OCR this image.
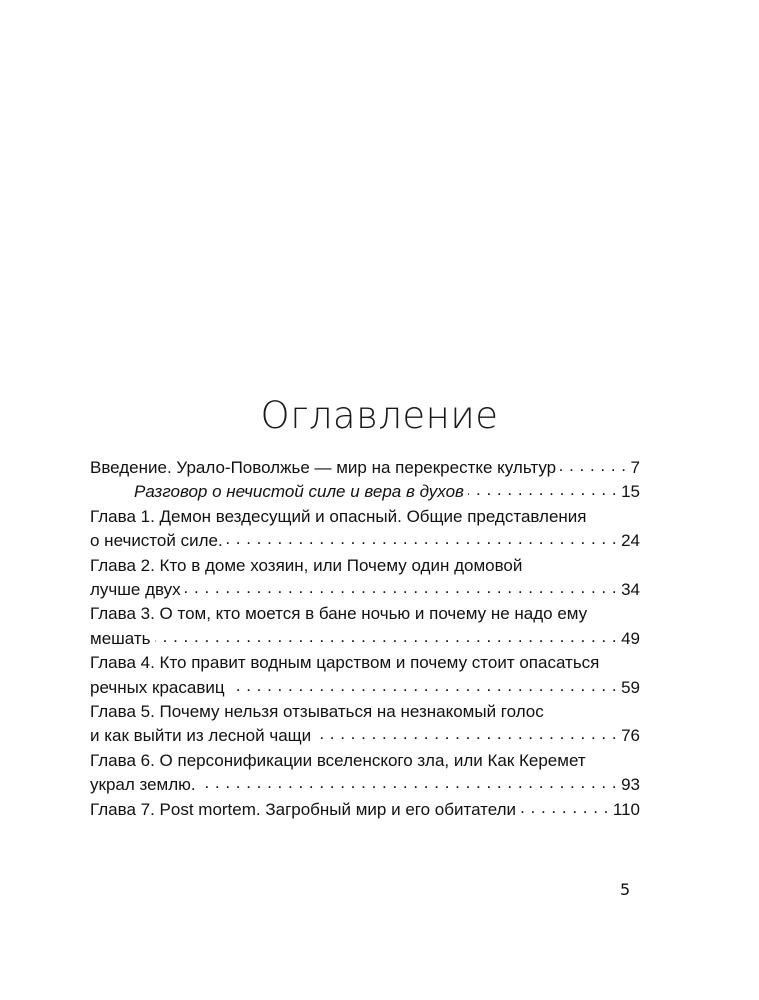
Оглавление
Введение. Урало-Поволжье — мир на перекрестке культур . . .	7
Разговор о нечистой силе и вера в духов . . .	15
Глава 1. Демон вездесущий и опасный. Общие представления
о нечистой силе. . . .	24
Глава 2. Кто в доме хозяин, или Почему один домовой
лучше двух . . .	34
Глава 3. О том, кто моется в бане ночью и почему не надо ему
мешать . . .	49
Глава 4. Кто правит водным царством и почему стоит опасаться
речных красавиц . . .	59
Глава 5. Почему нельзя отзываться на незнакомый голос
и как выйти из лесной чащи . . .	76
Глава 6. О персонификации вселенского зла, или Как Керемет
украл землю. . . .	93
Глава 7. Post mortem. Загробный мир и его обитатели . . .	110
5
